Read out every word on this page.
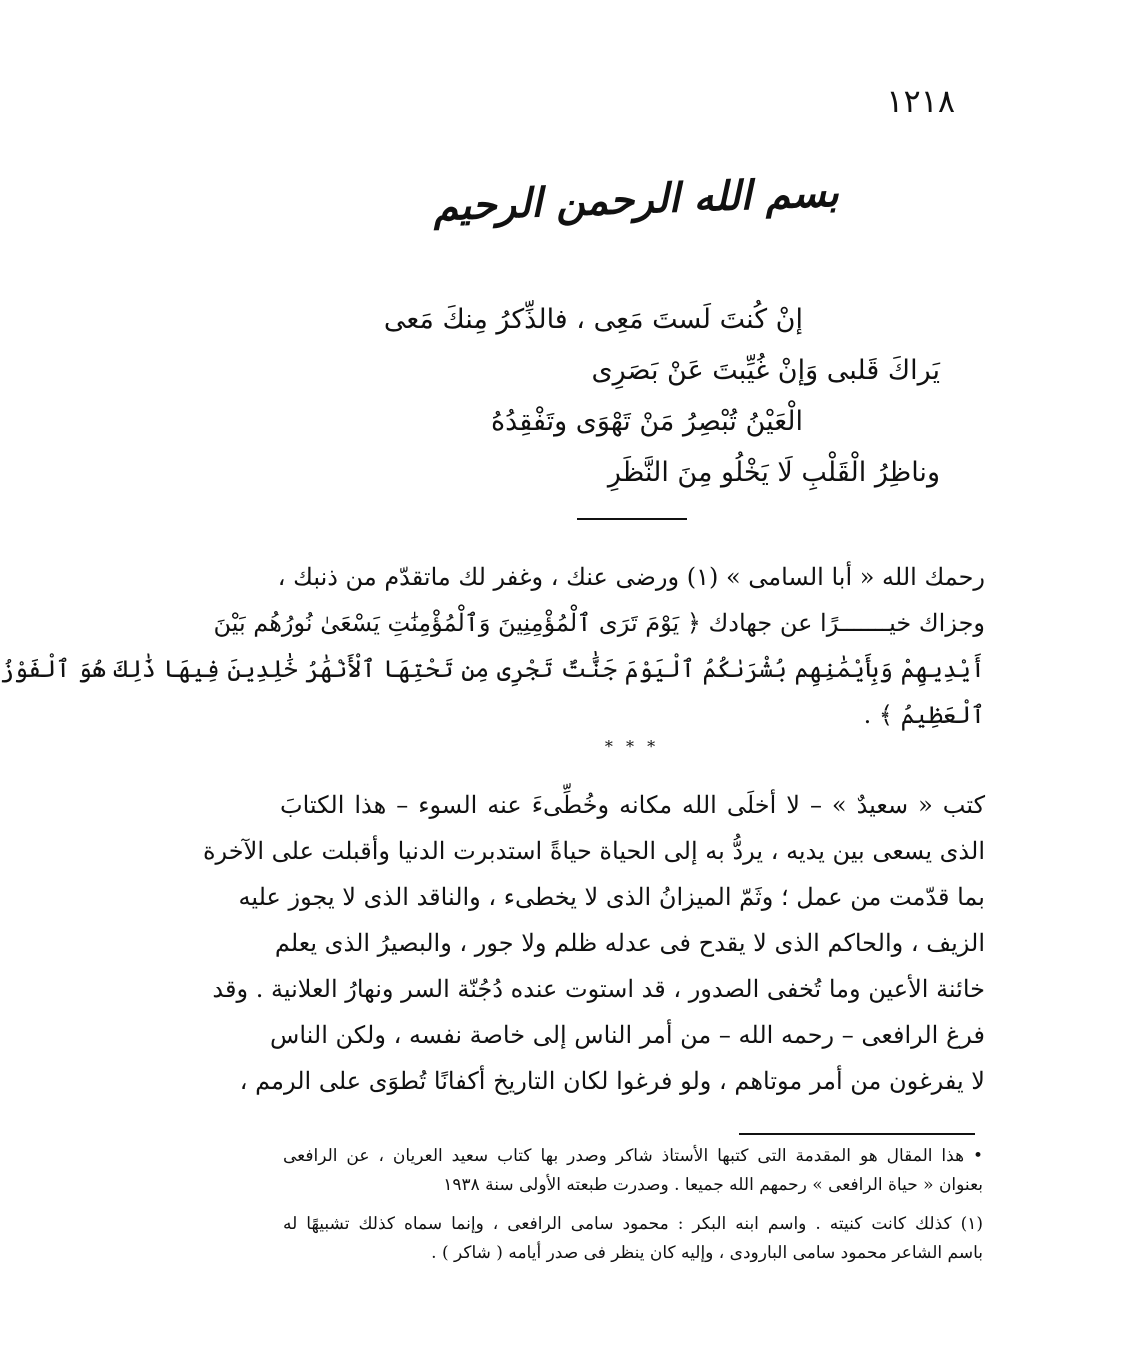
١٢١٨
بسم الله الرحمن الرحيم
إنْ كُنتَ لَستَ مَعِى ، فالذِّكرُ مِنكَ مَعى
يَراكَ قَلبى وَإنْ غُيِّبتَ عَنْ بَصَرِى
الْعَيْنُ تُبْصِرُ مَنْ تَهْوَى وتَفْقِدُهُ
وناظِرُ الْقَلْبِ لَا يَخْلُو مِنَ النَّظَرِ
رحمك الله « أبا السامى » (١) ورضى عنك ، وغفر لك ماتقدّم من ذنبك ،
وجزاك خيـــــــرًا عن جهادك ﴿ يَوْمَ تَرَى ٱلْمُؤْمِنِينَ وَٱلْمُؤْمِنَٰتِ يَسْعَىٰ نُورُهُم بَيْنَ
أَيْدِيهِمْ وَبِأَيْمَٰنِهِم بُشْرَىٰكُمُ ٱلْيَوْمَ جَنَّٰتٌ تَجْرِى مِن تَحْتِهَا ٱلْأَنْهَٰرُ خَٰلِدِينَ فِيهَا ذَٰلِكَ هُوَ ٱلْفَوْزُ
ٱلْعَظِيمُ ﴾ .
* * *
كتب « سعيدٌ » – لا أخلَى الله مكانه وخُطِّىءَ عنه السوء – هذا الكتابَ
الذى يسعى بين يديه ، يردُّ به إلى الحياة حياةً استدبرت الدنيا وأقبلت على الآخرة
بما قدّمت من عمل ؛ وثَمّ الميزانُ الذى لا يخطىء ، والناقد الذى لا يجوز عليه
الزيف ، والحاكم الذى لا يقدح فى عدله ظلم ولا جور ، والبصيرُ الذى يعلم
خائنة الأعين وما تُخفى الصدور ، قد استوت عنده دُجُنّة السر ونهارُ العلانية . وقد
فرغ الرافعى – رحمه الله – من أمر الناس إلى خاصة نفسه ، ولكن الناس
لا يفرغون من أمر موتاهم ، ولو فرغوا لكان التاريخ أكفانًا تُطوَى على الرمم ،
• هذا المقال هو المقدمة التى كتبها الأستاذ شاكر وصدر بها كتاب سعيد العريان ، عن الرافعى
بعنوان « حياة الرافعى » رحمهم الله جميعا . وصدرت طبعته الأولى سنة ١٩٣٨
(١) كذلك كانت كنيته . واسم ابنه البكر : محمود سامى الرافعى ، وإنما سماه كذلك تشبيهًا له
باسم الشاعر محمود سامى البارودى ، وإليه كان ينظر فى صدر أيامه ( شاكر ) .
